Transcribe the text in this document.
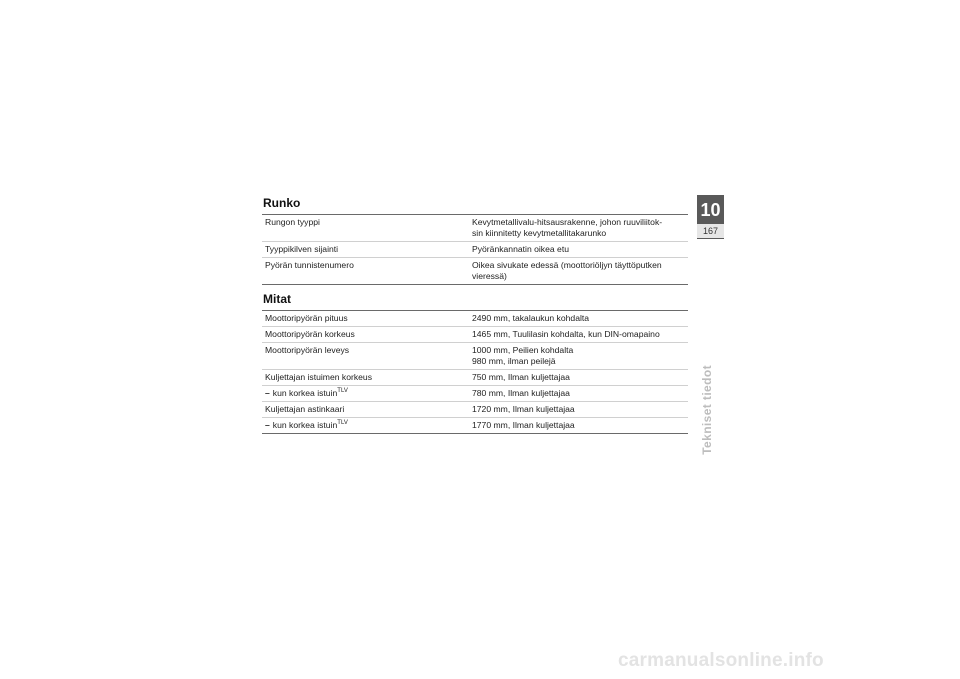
Runko
Rungon tyyppi	Kevytmetallivalu-hitsausrakenne, johon ruuviliitok-
sin kiinnitetty kevytmetallitakarunko

Tyyppikilven sijainti	Pyöränkannatin oikea etu

Pyörän tunnistenumero	Oikea sivukate edessä (moottoriöljyn täyttöputken
vieressä)
Mitat
Moottoripyörän pituus	2490 mm, takalaukun kohdalta

Moottoripyörän korkeus	1465 mm, Tuulilasin kohdalta, kun DIN-omapaino

Moottoripyörän leveys	1000 mm, Peilien kohdalta
980 mm, ilman peilejä

Kuljettajan istuimen korkeus	750 mm, Ilman kuljettajaa

– kun korkea istuin$^{TLV}$	780 mm, Ilman kuljettajaa

Kuljettajan astinkaari	1720 mm, Ilman kuljettajaa

– kun korkea istuin$^{TLV}$	1770 mm, Ilman kuljettajaa
10
167
Tekniset tiedot
carmanualsonline.info
